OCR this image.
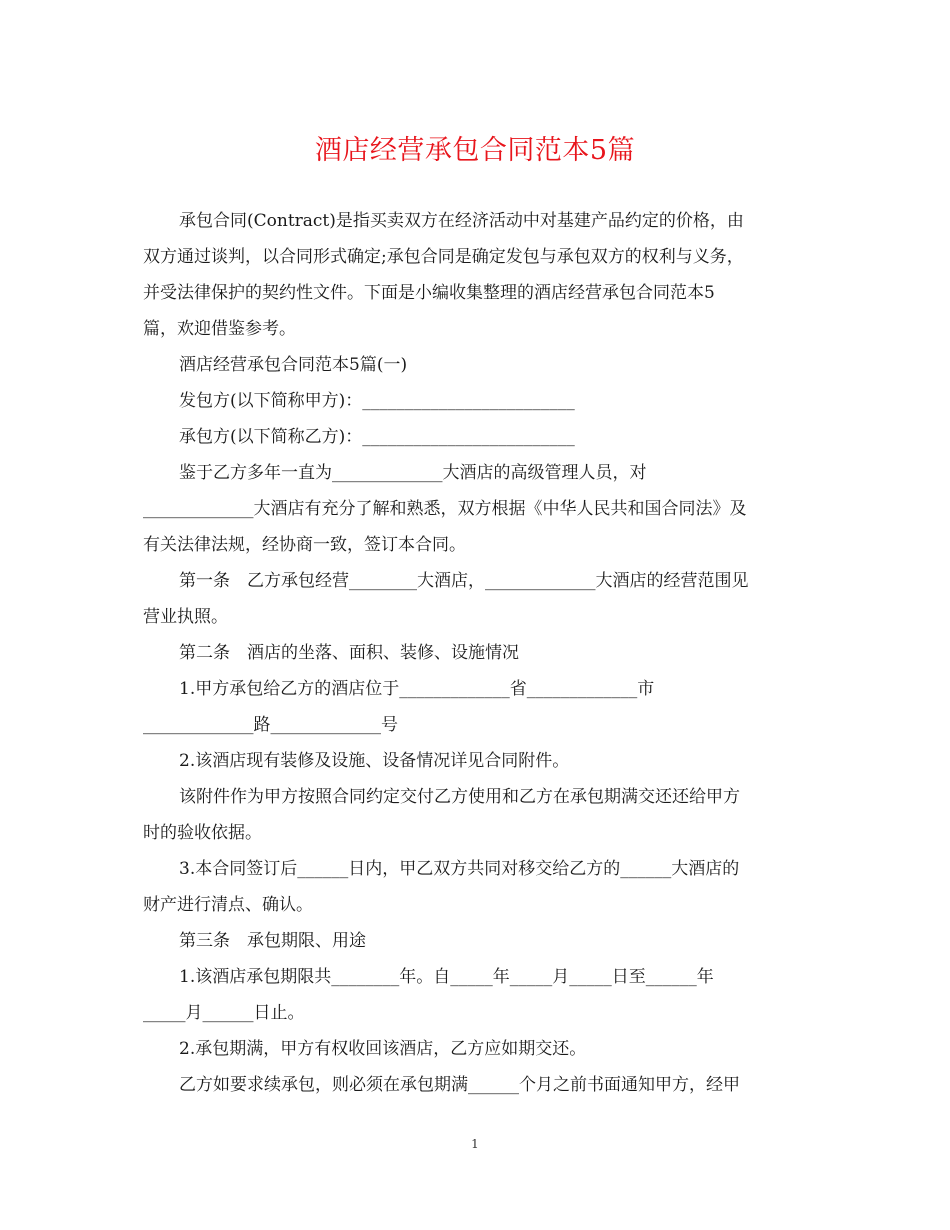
酒店经营承包合同范本5篇
承包合同(Contract)是指买卖双方在经济活动中对基建产品约定的价格，由
双方通过谈判，以合同形式确定;承包合同是确定发包与承包双方的权利与义务，
并受法律保护的契约性文件。下面是小编收集整理的酒店经营承包合同范本5
篇，欢迎借鉴参考。
酒店经营承包合同范本5篇(一)
发包方(以下简称甲方)：_________________________
承包方(以下简称乙方)：_________________________
鉴于乙方多年一直为_____________大酒店的高级管理人员，对
_____________大酒店有充分了解和熟悉，双方根据《中华人民共和国合同法》及
有关法律法规，经协商一致，签订本合同。
第一条　乙方承包经营________大酒店，_____________大酒店的经营范围见
营业执照。
第二条　酒店的坐落、面积、装修、设施情况
1.甲方承包给乙方的酒店位于_____________省_____________市
_____________路_____________号
2.该酒店现有装修及设施、设备情况详见合同附件。
该附件作为甲方按照合同约定交付乙方使用和乙方在承包期满交还还给甲方
时的验收依据。
3.本合同签订后______日内，甲乙双方共同对移交给乙方的______大酒店的
财产进行清点、确认。
第三条　承包期限、用途
1.该酒店承包期限共________年。自_____年_____月_____日至______年
_____月______日止。
2.承包期满，甲方有权收回该酒店，乙方应如期交还。
乙方如要求续承包，则必须在承包期满______个月之前书面通知甲方，经甲
1
